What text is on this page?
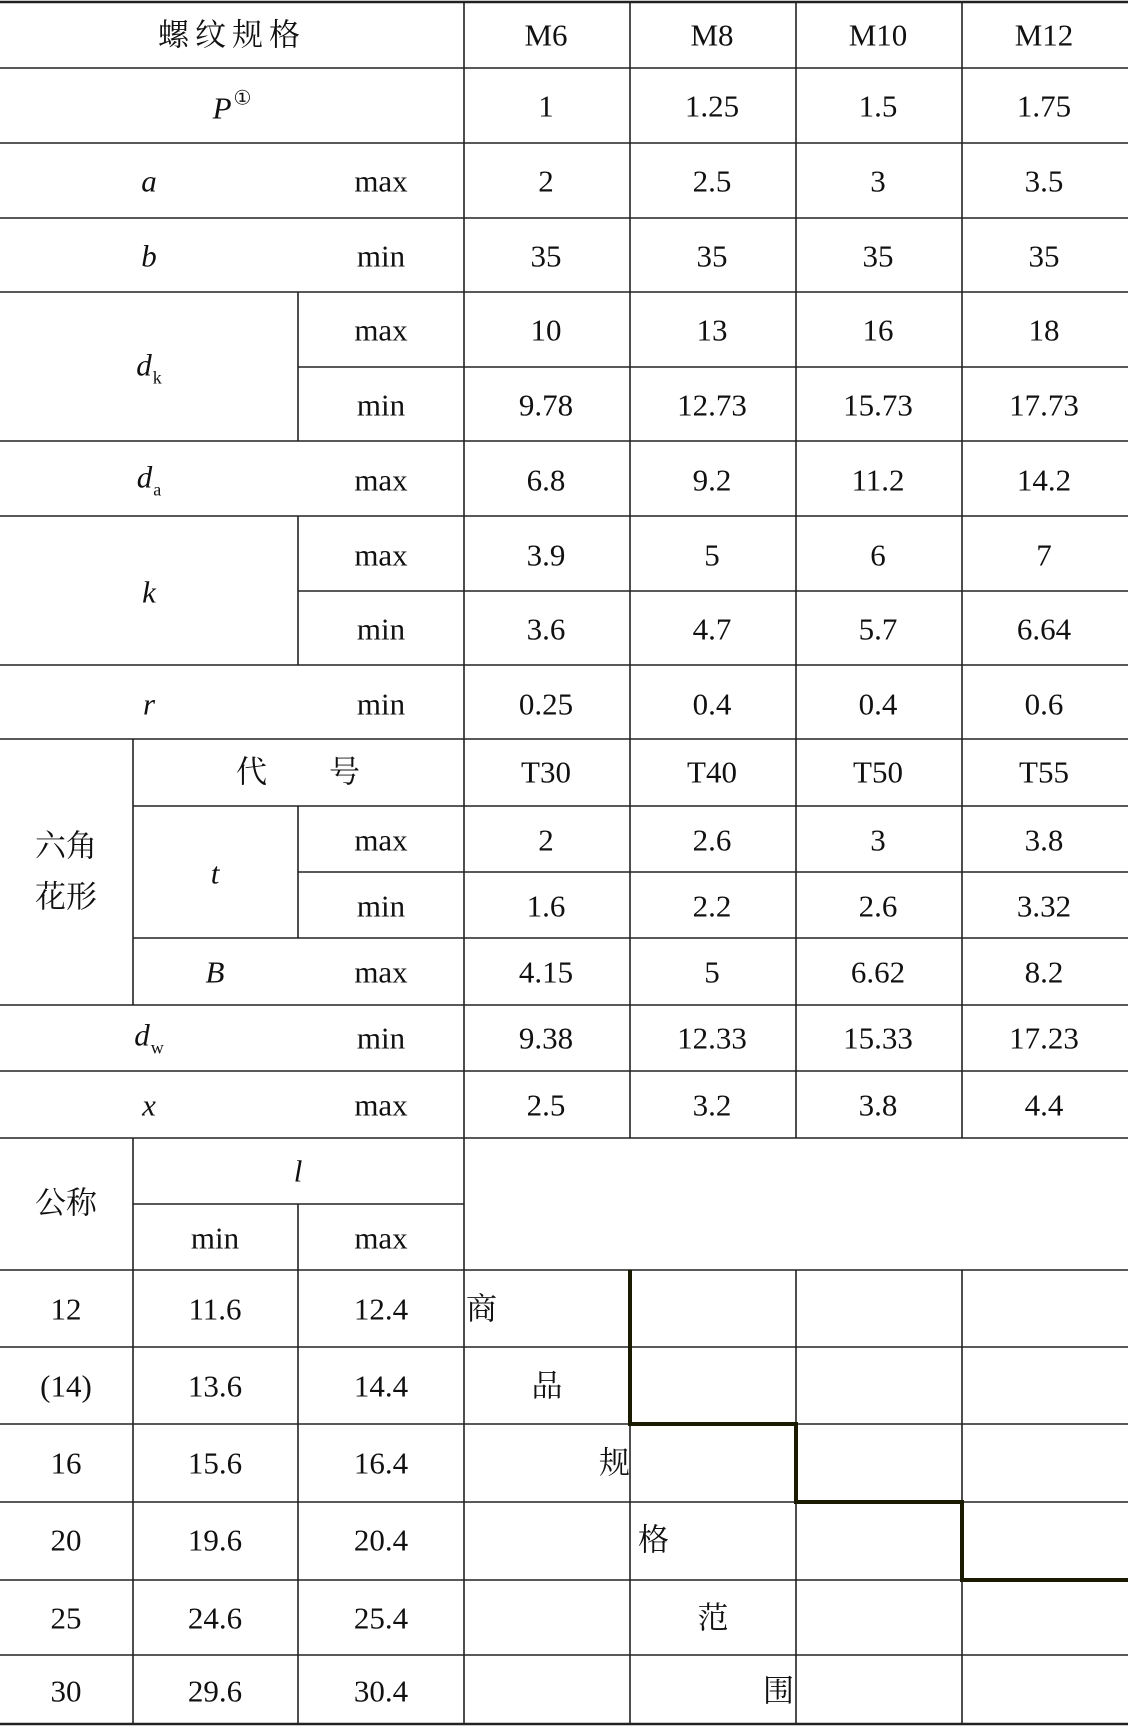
螺纹规格	M6	M8	M10	M12
P ①	1	1.25	1.5	1.75
a	max	2	2.5	3	3.5
b	min	35	35	35	35
$d_k$
max	10	13	16	18
min	9.78	12.73	15.73	17.73
$d_a$	max	6.8	9.2	11.2	14.2
k
max	3.9	5	6	7
min	3.6	4.7	5.7	6.64
r	min	0.25	0.4	0.4	0.6
六角
花形
代　　号	T30	T40	T50	T55
t
max	2	2.6	3	3.8
min	1.6	2.2	2.6	3.32
B	max	4.15	5	6.62	8.2
$d_w$	min	9.38	12.33	15.33	17.23
x	max	2.5	3.2	3.8	4.4
公称
l
min	max
12	11.6	12.4
(14)	13.6	14.4
16	15.6	16.4
20	19.6	20.4
25	24.6	25.4
30	29.6	30.4
商
品
规
格
范
围
